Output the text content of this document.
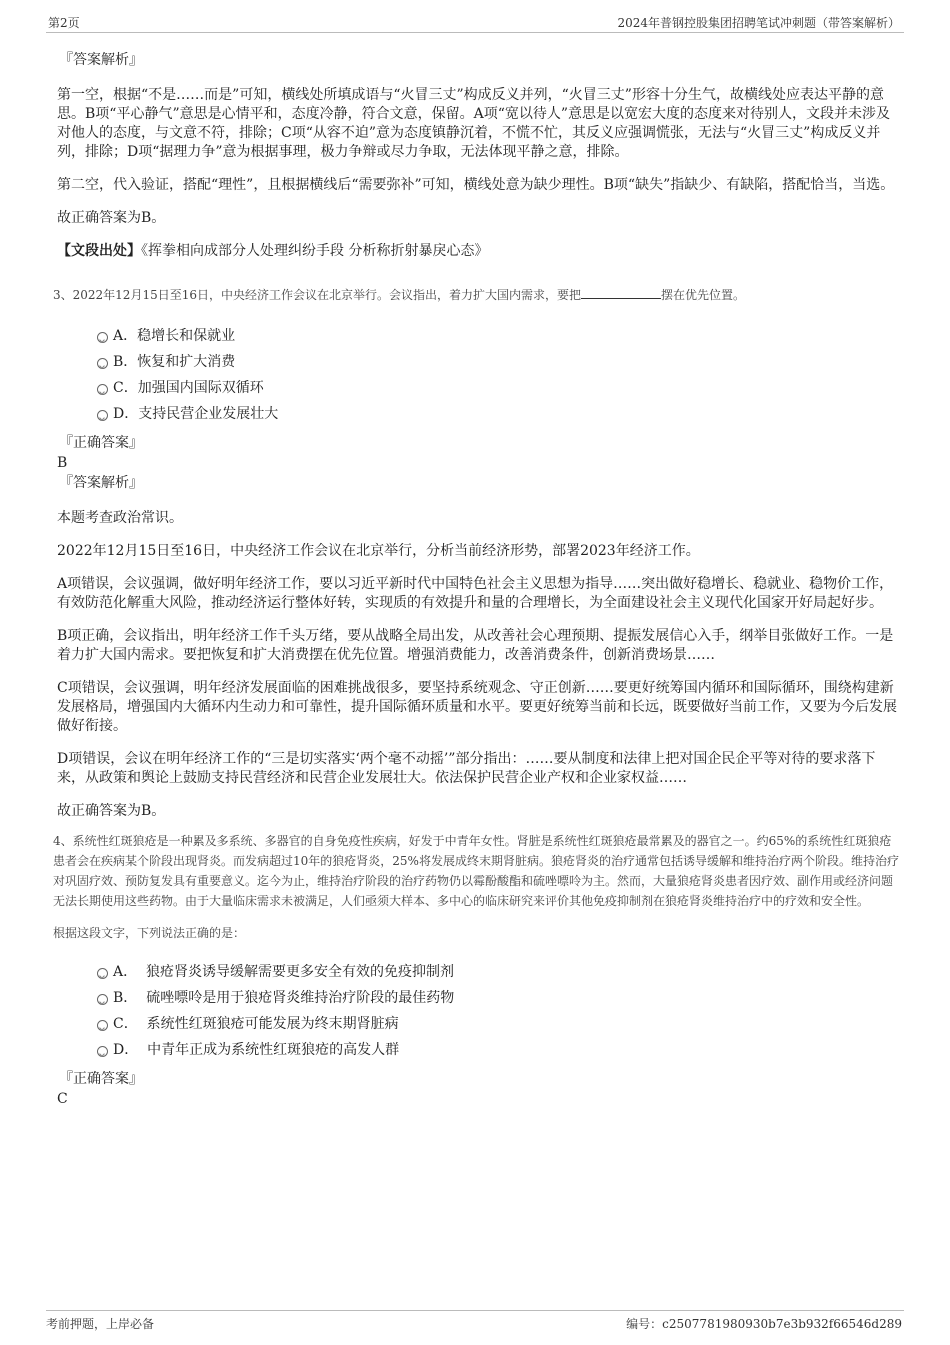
第2页	2024年普钢控股集团招聘笔试冲刺题（带答案解析）
『答案解析』

第一空，根据“不是……而是”可知，横线处所填成语与“火冒三丈”构成反义并列，“火冒三丈”形容十分生气，故横线处应表达平静的意思。B项“平心静气”意思是心情平和，态度冷静，符合文意，保留。A项“宽以待人”意思是以宽宏大度的态度来对待别人，文段并未涉及对他人的态度，与文意不符，排除；C项“从容不迫”意为态度镇静沉着，不慌不忙，其反义应强调慌张，无法与“火冒三丈”构成反义并列，排除；D项“据理力争”意为根据事理，极力争辩或尽力争取，无法体现平静之意，排除。

第二空，代入验证，搭配“理性”，且根据横线后“需要弥补”可知，横线处意为缺少理性。B项“缺失”指缺少、有缺陷，搭配恰当，当选。

故正确答案为B。

【文段出处】《挥拳相向成部分人处理纠纷手段 分析称折射暴戾心态》

3、2022年12月15日至16日，中央经济工作会议在北京举行。会议指出，着力扩大国内需求，要把	摆在优先位置。
A．稳增长和保就业
B．恢复和扩大消费
C．加强国内国际双循环
D．支持民营企业发展壮大
『正确答案』
B
『答案解析』

本题考查政治常识。

2022年12月15日至16日，中央经济工作会议在北京举行，分析当前经济形势，部署2023年经济工作。

A项错误，会议强调，做好明年经济工作，要以习近平新时代中国特色社会主义思想为指导……突出做好稳增长、稳就业、稳物价工作，有效防范化解重大风险，推动经济运行整体好转，实现质的有效提升和量的合理增长，为全面建设社会主义现代化国家开好局起好步。

B项正确，会议指出，明年经济工作千头万绪，要从战略全局出发，从改善社会心理预期、提振发展信心入手，纲举目张做好工作。一是着力扩大国内需求。要把恢复和扩大消费摆在优先位置。增强消费能力，改善消费条件，创新消费场景……

C项错误，会议强调，明年经济发展面临的困难挑战很多，要坚持系统观念、守正创新……要更好统筹国内循环和国际循环，围绕构建新发展格局，增强国内大循环内生动力和可靠性，提升国际循环质量和水平。要更好统筹当前和长远，既要做好当前工作，又要为今后发展做好衔接。

D项错误，会议在明年经济工作的“三是切实落实‘两个毫不动摇’”部分指出：……要从制度和法律上把对国企民企平等对待的要求落下来，从政策和舆论上鼓励支持民营经济和民营企业发展壮大。依法保护民营企业产权和企业家权益……

故正确答案为B。

4、系统性红斑狼疮是一种累及多系统、多器官的自身免疫性疾病，好发于中青年女性。肾脏是系统性红斑狼疮最常累及的器官之一。约65%的系统性红斑狼疮患者会在疾病某个阶段出现肾炎。而发病超过10年的狼疮肾炎，25%将发展成终末期肾脏病。狼疮肾炎的治疗通常包括诱导缓解和维持治疗两个阶段。维持治疗对巩固疗效、预防复发具有重要意义。迄今为止，维持治疗阶段的治疗药物仍以霉酚酸酯和硫唑嘌呤为主。然而，大量狼疮肾炎患者因疗效、副作用或经济问题无法长期使用这些药物。由于大量临床需求未被满足，人们亟须大样本、多中心的临床研究来评价其他免疫抑制剂在狼疮肾炎维持治疗中的疗效和安全性。
根据这段文字，下列说法正确的是：
A． 狼疮肾炎诱导缓解需要更多安全有效的免疫抑制剂
B． 硫唑嘌呤是用于狼疮肾炎维持治疗阶段的最佳药物
C． 系统性红斑狼疮可能发展为终末期肾脏病
D． 中青年正成为系统性红斑狼疮的高发人群
『正确答案』
C
考前押题，上岸必备	编号：c2507781980930b7e3b932f66546d289
